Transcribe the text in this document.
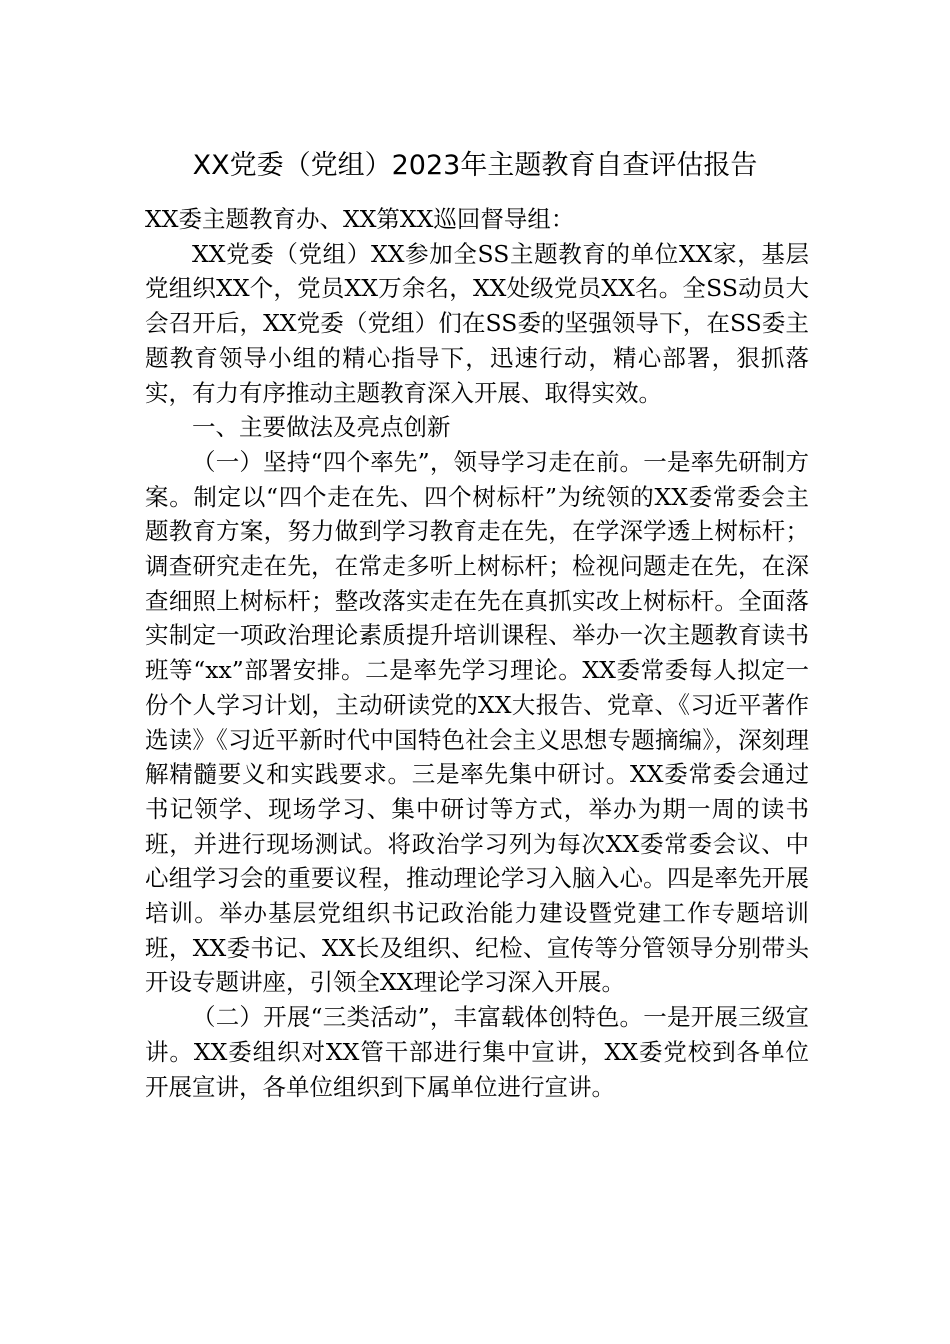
XX党委（党组）2023年主题教育自查评估报告

XX委主题教育办、XX第XX巡回督导组：

XX党委（党组）XX参加全SS主题教育的单位XX家，基层党组织XX个，党员XX万余名，XX处级党员XX名。全SS动员大会召开后，XX党委（党组）们在SS委的坚强领导下，在SS委主题教育领导小组的精心指导下，迅速行动，精心部署，狠抓落实，有力有序推动主题教育深入开展、取得实效。

一、主要做法及亮点创新

（一）坚持“四个率先”，领导学习走在前。一是率先研制方案。制定以“四个走在先、四个树标杆”为统领的XX委常委会主题教育方案，努力做到学习教育走在先，在学深学透上树标杆；调查研究走在先，在常走多听上树标杆；检视问题走在先，在深查细照上树标杆；整改落实走在先在真抓实改上树标杆。全面落实制定一项政治理论素质提升培训课程、举办一次主题教育读书班等“xx”部署安排。二是率先学习理论。XX委常委每人拟定一份个人学习计划，主动研读党的XX大报告、党章、《习近平著作选读》《习近平新时代中国特色社会主义思想专题摘编》，深刻理解精髓要义和实践要求。三是率先集中研讨。XX委常委会通过书记领学、现场学习、集中研讨等方式，举办为期一周的读书班，并进行现场测试。将政治学习列为每次XX委常委会议、中心组学习会的重要议程，推动理论学习入脑入心。四是率先开展培训。举办基层党组织书记政治能力建设暨党建工作专题培训班，XX委书记、XX长及组织、纪检、宣传等分管领导分别带头开设专题讲座，引领全XX理论学习深入开展。

（二）开展“三类活动”，丰富载体创特色。一是开展三级宣讲。XX委组织对XX管干部进行集中宣讲，XX委党校到各单位开展宣讲，各单位组织到下属单位进行宣讲。
